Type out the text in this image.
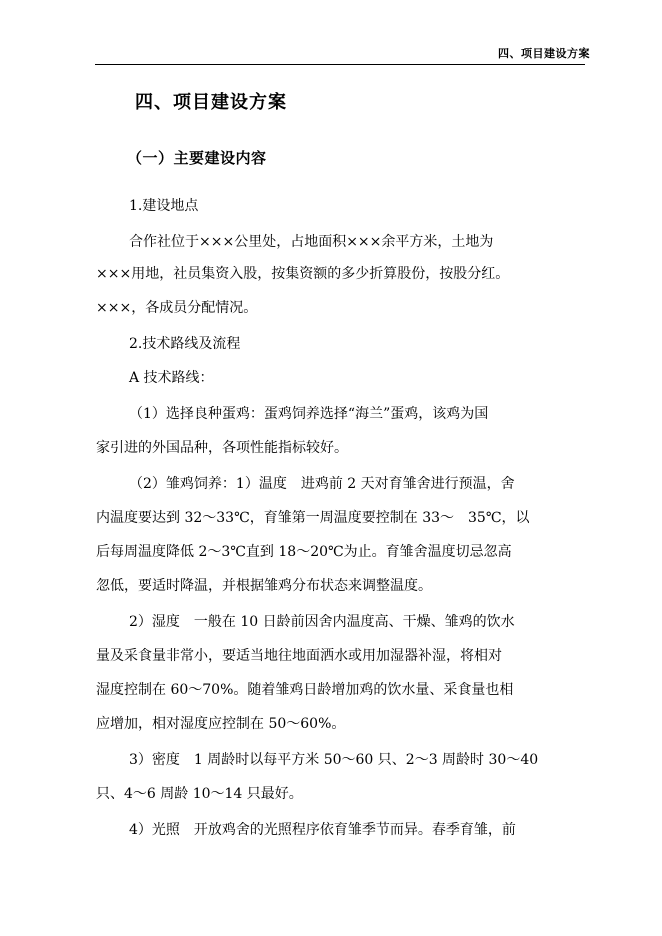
四、项目建设方案
四、项目建设方案
（一）主要建设内容
1.建设地点
合作社位于×××公里处，占地面积×××余平方米，土地为
×××用地，社员集资入股，按集资额的多少折算股份，按股分红。
×××，各成员分配情况。
2.技术路线及流程
A 技术路线：
（1）选择良种蛋鸡：蛋鸡饲养选择“海兰”蛋鸡，该鸡为国
家引进的外国品种，各项性能指标较好。
（2）雏鸡饲养：1）温度　进鸡前 2 天对育雏舍进行预温，舍
内温度要达到 32～33℃，育雏第一周温度要控制在 33～　35℃，以
后每周温度降低 2～3℃直到 18～20℃为止。育雏舍温度切忌忽高
忽低，要适时降温，并根据雏鸡分布状态来调整温度。
2）湿度　一般在 10 日龄前因舍内温度高、干燥、雏鸡的饮水
量及采食量非常小，要适当地往地面洒水或用加湿器补湿，将相对
湿度控制在 60～70%。随着雏鸡日龄增加鸡的饮水量、采食量也相
应增加，相对湿度应控制在 50～60%。
3）密度　1 周龄时以每平方米 50～60 只、2～3 周龄时 30～40
只、4～6 周龄 10～14 只最好。
4）光照　开放鸡舍的光照程序依育雏季节而异。春季育雏，前
